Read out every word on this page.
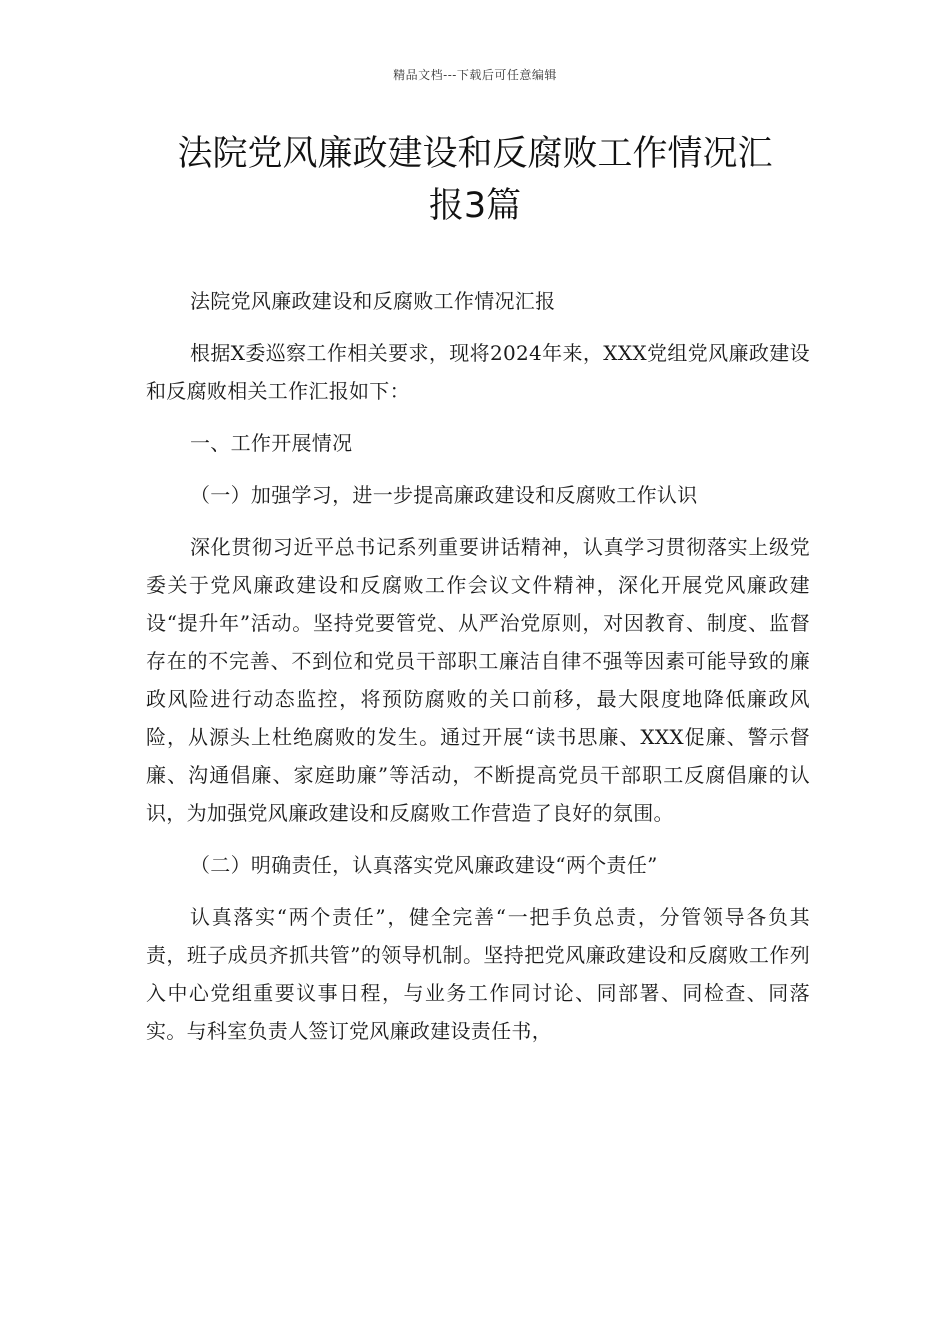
精品文档---下载后可任意编辑
法院党风廉政建设和反腐败工作情况汇
报3篇

法院党风廉政建设和反腐败工作情况汇报

根据X委巡察工作相关要求，现将2024年来，XXX党组党风廉政建设和反腐败相关工作汇报如下：

一、工作开展情况

（一）加强学习，进一步提高廉政建设和反腐败工作认识

深化贯彻习近平总书记系列重要讲话精神，认真学习贯彻落实上级党委关于党风廉政建设和反腐败工作会议文件精神，深化开展党风廉政建设“提升年”活动。坚持党要管党、从严治党原则，对因教育、制度、监督存在的不完善、不到位和党员干部职工廉洁自律不强等因素可能导致的廉政风险进行动态监控，将预防腐败的关口前移，最大限度地降低廉政风险，从源头上杜绝腐败的发生。通过开展“读书思廉、XXX促廉、警示督廉、沟通倡廉、家庭助廉”等活动，不断提高党员干部职工反腐倡廉的认识，为加强党风廉政建设和反腐败工作营造了良好的氛围。

（二）明确责任，认真落实党风廉政建设“两个责任”

认真落实“两个责任”，健全完善“一把手负总责，分管领导各负其责，班子成员齐抓共管”的领导机制。坚持把党风廉政建设和反腐败工作列入中心党组重要议事日程，与业务工作同讨论、同部署、同检查、同落实。与科室负责人签订党风廉政建设责任书，
